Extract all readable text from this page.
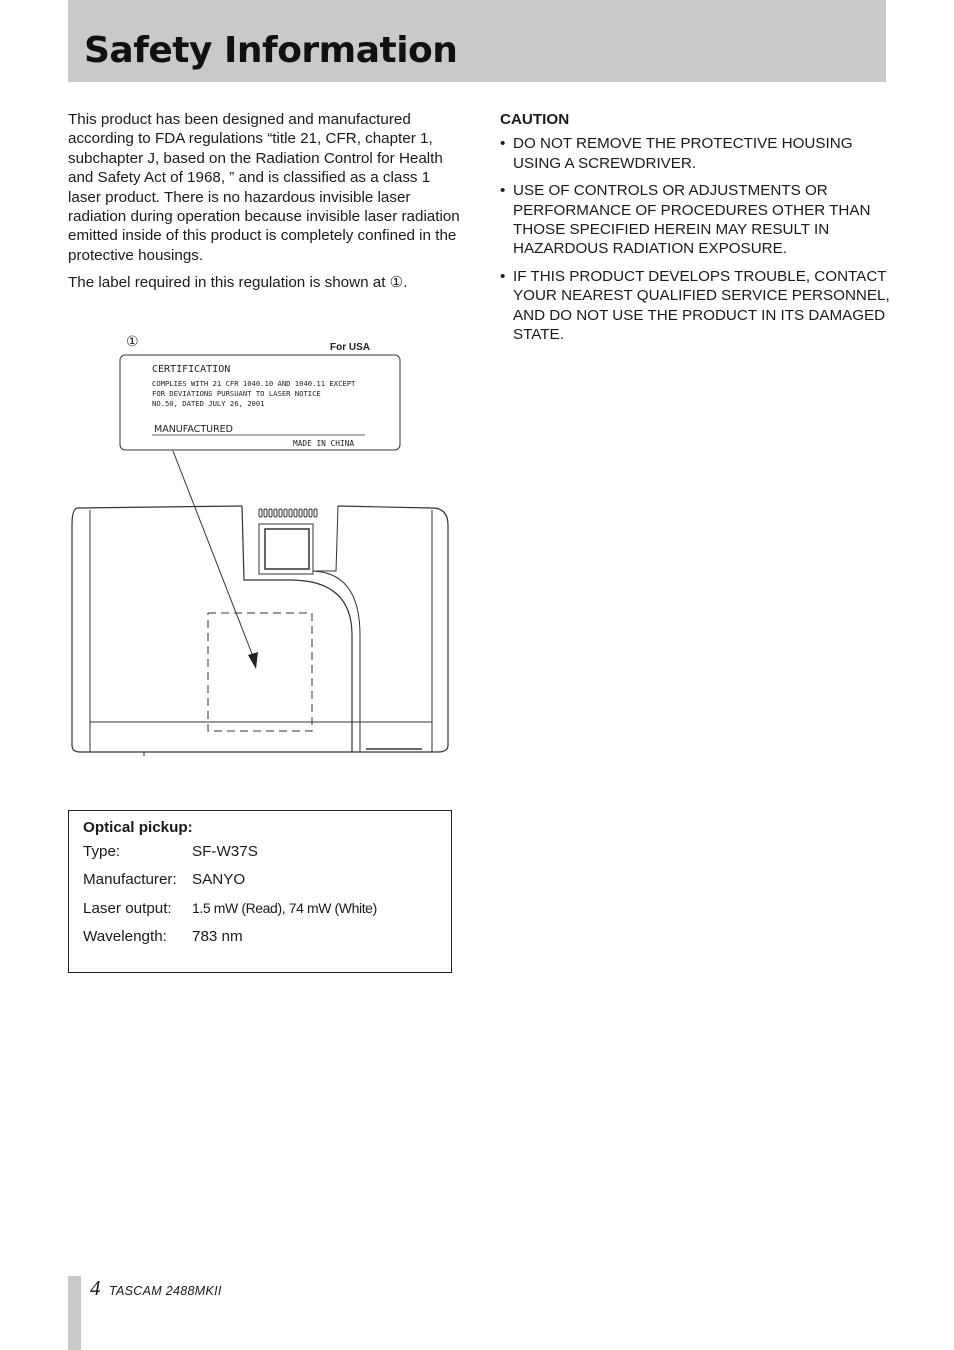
Safety Information

This product has been designed and manufactured according to FDA regulations “title 21, CFR, chapter 1, subchapter J, based on the Radiation Control for Health and Safety Act of 1968, ” and is classified as a class 1 laser product. There is no hazardous invisible laser radiation during operation because invisible laser radiation emitted inside of this product is completely confined in the protective housings.

The label required in this regulation is shown at ①.

CAUTION
• DO NOT REMOVE THE PROTECTIVE HOUSING USING A SCREWDRIVER.
• USE OF CONTROLS OR ADJUSTMENTS OR PERFORMANCE OF PROCEDURES OTHER THAN THOSE SPECIFIED HEREIN MAY RESULT IN HAZARDOUS RADIATION EXPOSURE.
• IF THIS PRODUCT DEVELOPS TROUBLE, CONTACT YOUR NEAREST QUALIFIED SERVICE PERSONNEL, AND DO NOT USE THE PRODUCT IN ITS DAMAGED STATE.
①	For USA
CERTIFICATION
COMPLIES WITH 21 CFR 1040.10 AND 1040.11 EXCEPT
FOR DEVIATIONS PURSUANT TO LASER NOTICE
NO.50, DATED JULY 26, 2001
MANUFACTURED
MADE IN CHINA
Optical pickup:
Type:	SF-W37S
Manufacturer: SANYO
Laser output: 1.5 mW (Read), 74 mW (White)
Wavelength: 783 nm
4 TASCAM 2488MKII
